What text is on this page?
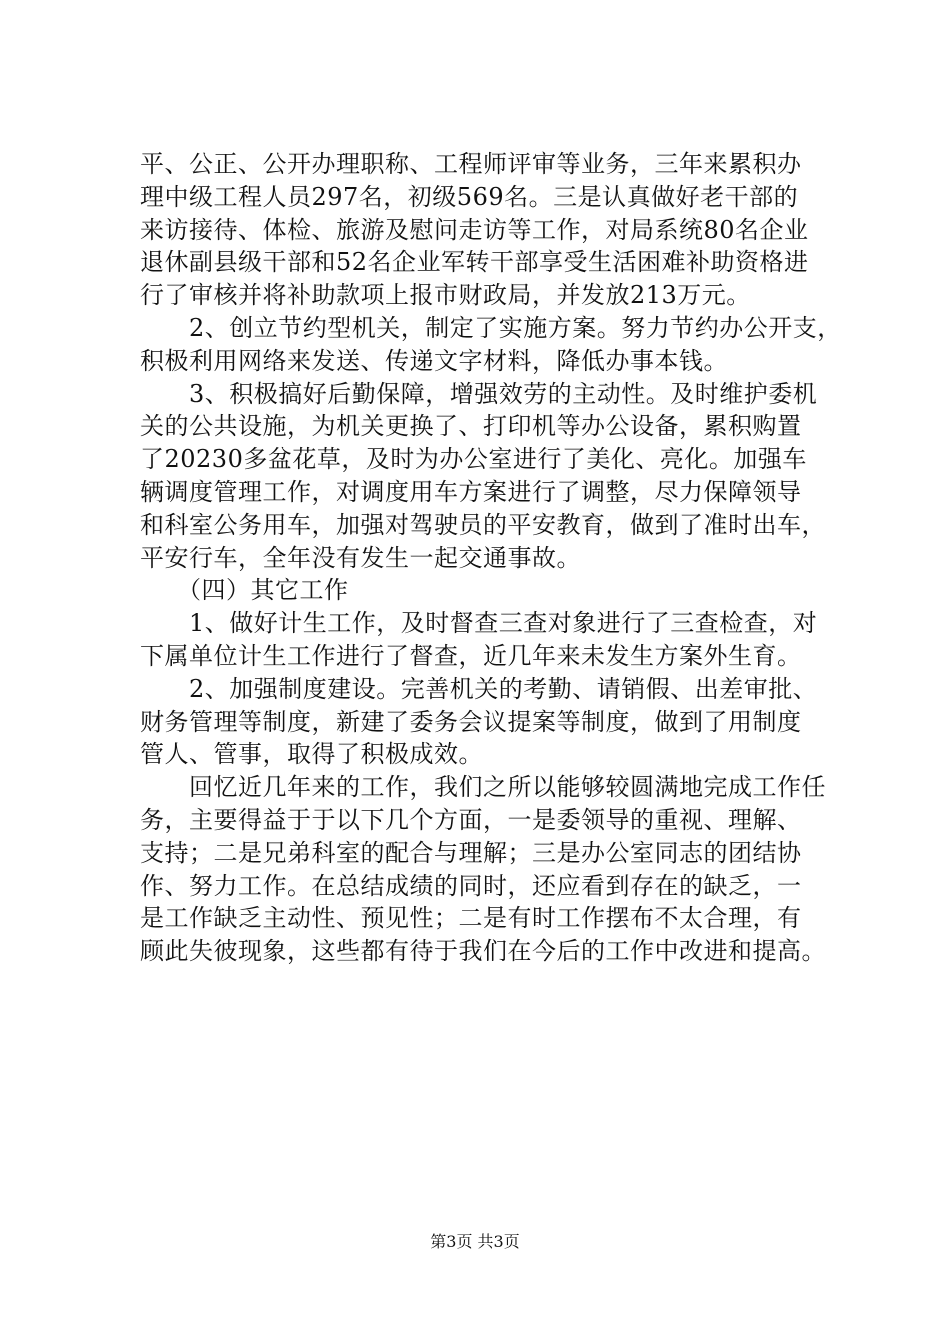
平、公正、公开办理职称、工程师评审等业务，三年来累积办
理中级工程人员297名，初级569名。三是认真做好老干部的
来访接待、体检、旅游及慰问走访等工作，对局系统80名企业
退休副县级干部和52名企业军转干部享受生活困难补助资格进
行了审核并将补助款项上报市财政局，并发放213万元。
　　2、创立节约型机关，制定了实施方案。努力节约办公开支，
积极利用网络来发送、传递文字材料，降低办事本钱。
　　3、积极搞好后勤保障，增强效劳的主动性。及时维护委机
关的公共设施，为机关更换了、打印机等办公设备，累积购置
了20230多盆花草，及时为办公室进行了美化、亮化。加强车
辆调度管理工作，对调度用车方案进行了调整，尽力保障领导
和科室公务用车，加强对驾驶员的平安教育，做到了准时出车，
平安行车，全年没有发生一起交通事故。
　　（四）其它工作
　　1、做好计生工作，及时督查三查对象进行了三查检查，对
下属单位计生工作进行了督查，近几年来未发生方案外生育。
　　2、加强制度建设。完善机关的考勤、请销假、出差审批、
财务管理等制度，新建了委务会议提案等制度，做到了用制度
管人、管事，取得了积极成效。
　　回忆近几年来的工作，我们之所以能够较圆满地完成工作任
务，主要得益于于以下几个方面，一是委领导的重视、理解、
支持；二是兄弟科室的配合与理解；三是办公室同志的团结协
作、努力工作。在总结成绩的同时，还应看到存在的缺乏，一
是工作缺乏主动性、预见性；二是有时工作摆布不太合理，有
顾此失彼现象，这些都有待于我们在今后的工作中改进和提高。
第3页 共3页
